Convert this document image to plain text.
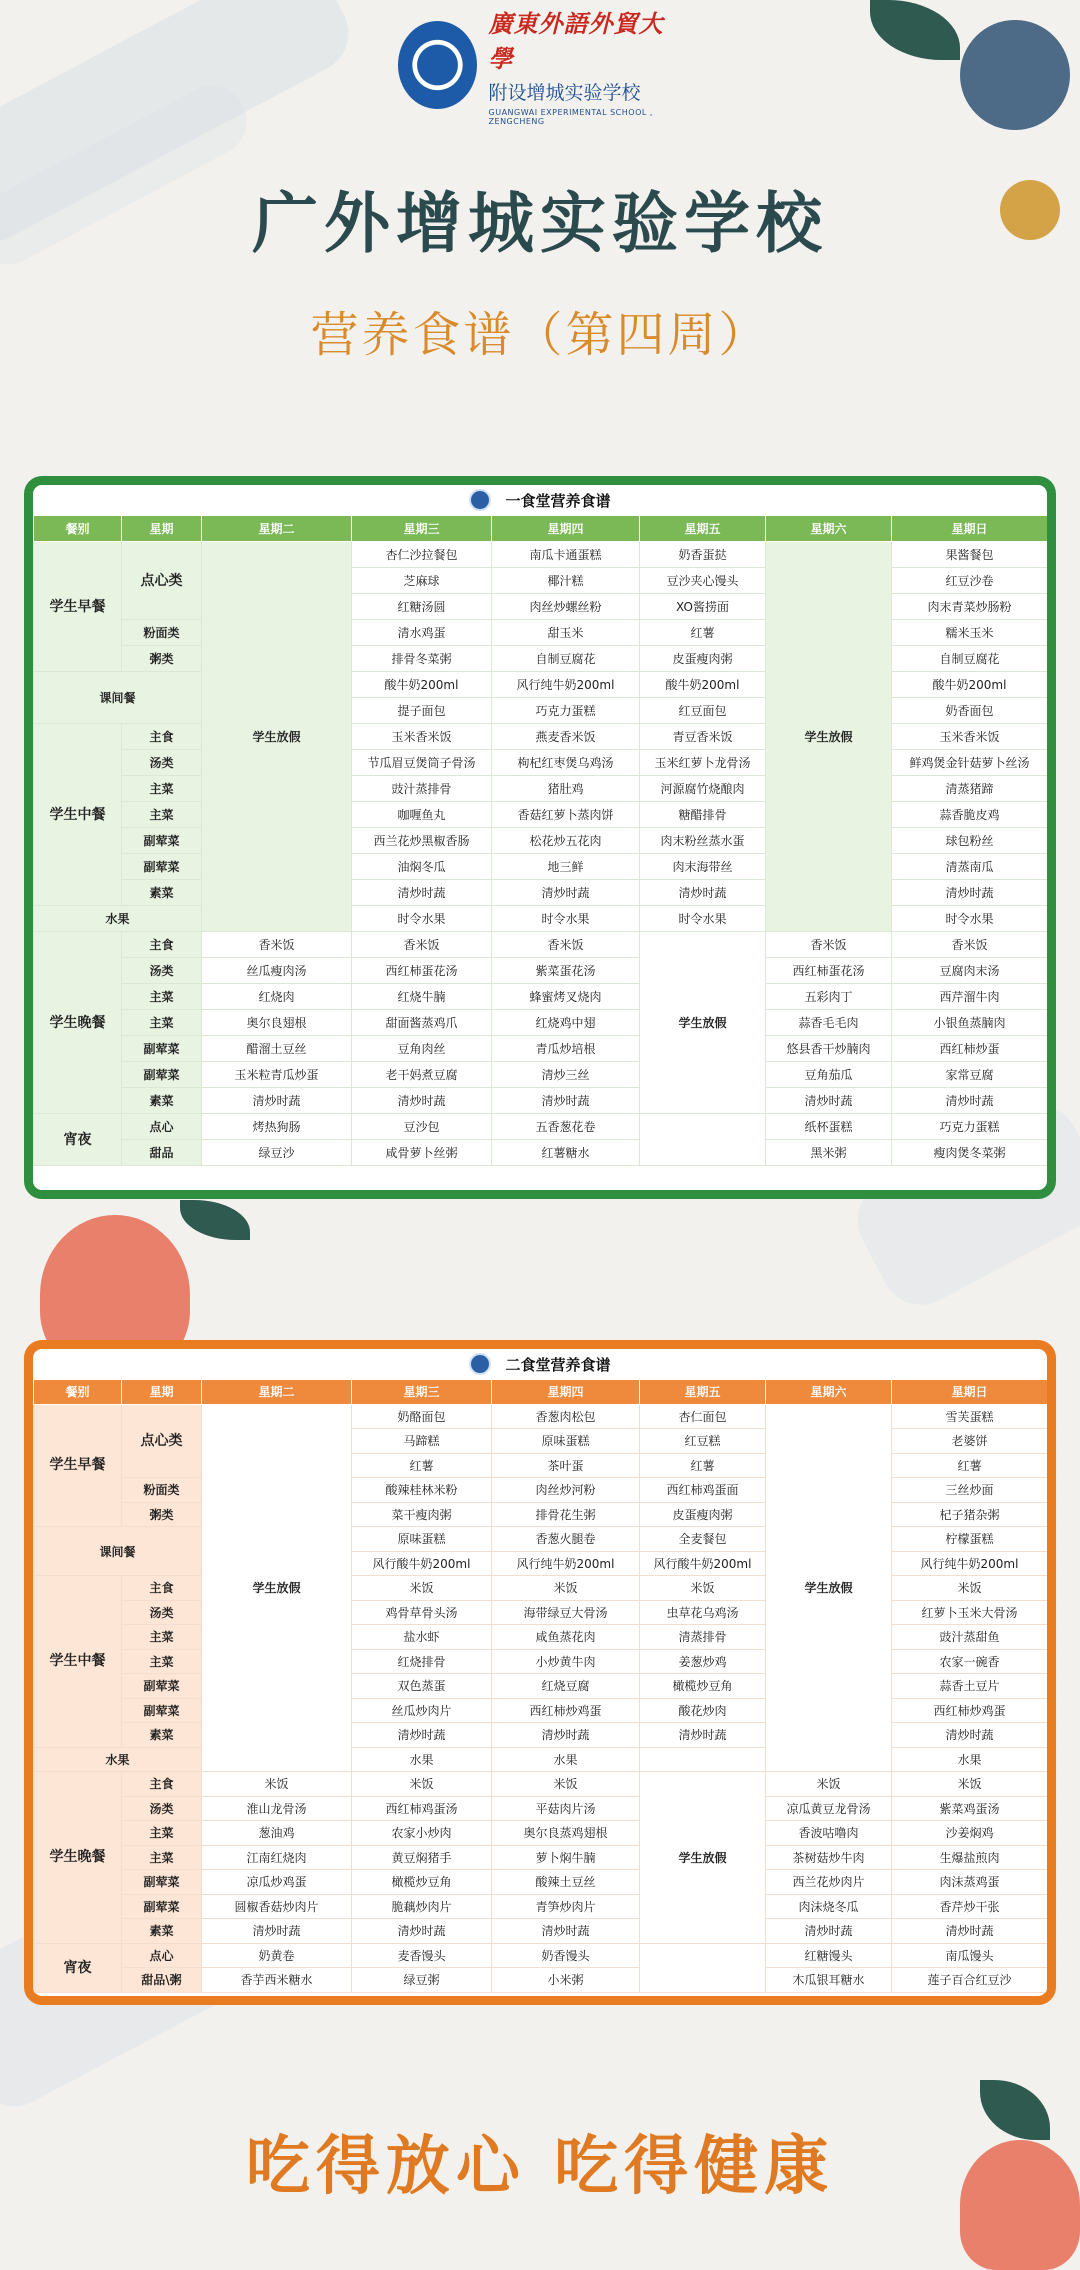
廣東外語外貿大學
附设增城实验学校
GUANGWAI EXPERIMENTAL SCHOOL , ZENGCHENG
广外增城实验学校
营养食谱（第四周）
一食堂营养食谱
餐别	星期	星期二	星期三	星期四	星期五	星期六	星期日
学生早餐	点心类	学生放假	杏仁沙拉餐包	南瓜卡通蛋糕	奶香蛋挞	学生放假	果酱餐包
			芝麻球	椰汁糕	豆沙夹心馒头		红豆沙卷
			红糖汤圆	肉丝炒螺丝粉	XO酱捞面		肉末青菜炒肠粉
	粉面类		清水鸡蛋	甜玉米	红薯		糯米玉米
	粥类		排骨冬菜粥	自制豆腐花	皮蛋瘦肉粥		自制豆腐花
课间餐			酸牛奶200ml	风行纯牛奶200ml	酸牛奶200ml		酸牛奶200ml
			提子面包	巧克力蛋糕	红豆面包		奶香面包
学生中餐	主食		玉米香米饭	燕麦香米饭	青豆香米饭		玉米香米饭
	汤类		节瓜眉豆煲筒子骨汤	枸杞红枣煲乌鸡汤	玉米红萝卜龙骨汤		鲜鸡煲金针菇萝卜丝汤
	主菜		豉汁蒸排骨	猪肚鸡	河源腐竹烧酿肉		清蒸猪蹄
	主菜		咖喱鱼丸	香菇红萝卜蒸肉饼	糖醋排骨		蒜香脆皮鸡
	副荤菜		西兰花炒黑椒香肠	松花炒五花肉	肉末粉丝蒸水蛋		球包粉丝
	副荤菜		油焖冬瓜	地三鲜	肉末海带丝		清蒸南瓜
	素菜		清炒时蔬	清炒时蔬	清炒时蔬		清炒时蔬
水果			时令水果	时令水果	时令水果		时令水果
学生晚餐	主食	香米饭	香米饭	香米饭	学生放假	香米饭	香米饭
	汤类	丝瓜瘦肉汤	西红柿蛋花汤	紫菜蛋花汤		西红柿蛋花汤	豆腐肉末汤
	主菜	红烧肉	红烧牛腩	蜂蜜烤叉烧肉		五彩肉丁	西芹溜牛肉
	主菜	奥尔良翅根	甜面酱蒸鸡爪	红烧鸡中翅		蒜香毛毛肉	小银鱼蒸腩肉
	副荤菜	醋溜土豆丝	豆角肉丝	青瓜炒培根		悠县香干炒腩肉	西红柿炒蛋
	副荤菜	玉米粒青瓜炒蛋	老干妈煮豆腐	清炒三丝		豆角茄瓜	家常豆腐
	素菜	清炒时蔬	清炒时蔬	清炒时蔬		清炒时蔬	清炒时蔬
宵夜	点心	烤热狗肠	豆沙包	五香葱花卷		纸杯蛋糕	巧克力蛋糕
	甜品	绿豆沙	咸骨萝卜丝粥	红薯糖水		黑米粥	瘦肉煲冬菜粥
二食堂营养食谱
餐别	星期	星期二	星期三	星期四	星期五	星期六	星期日
学生早餐	点心类	学生放假	奶酪面包	香葱肉松包	杏仁面包	学生放假	雪芙蛋糕
			马蹄糕	原味蛋糕	红豆糕		老婆饼
			红薯	茶叶蛋	红薯		红薯
	粉面类		酸辣桂林米粉	肉丝炒河粉	西红柿鸡蛋面		三丝炒面
	粥类		菜干瘦肉粥	排骨花生粥	皮蛋瘦肉粥		杞子猪杂粥
课间餐			原味蛋糕	香葱火腿卷	全麦餐包		柠檬蛋糕
			风行酸牛奶200ml	风行纯牛奶200ml	风行酸牛奶200ml		风行纯牛奶200ml
学生中餐	主食		米饭	米饭	米饭		米饭
	汤类		鸡骨草骨头汤	海带绿豆大骨汤	虫草花乌鸡汤		红萝卜玉米大骨汤
	主菜		盐水虾	咸鱼蒸花肉	清蒸排骨		豉汁蒸甜鱼
	主菜		红烧排骨	小炒黄牛肉	姜葱炒鸡		农家一碗香
	副荤菜		双色蒸蛋	红烧豆腐	橄榄炒豆角		蒜香土豆片
	副荤菜		丝瓜炒肉片	西红柿炒鸡蛋	酸花炒肉		西红柿炒鸡蛋
	素菜		清炒时蔬	清炒时蔬	清炒时蔬		清炒时蔬
水果			水果	水果			水果
学生晚餐	主食	米饭	米饭	米饭	学生放假	米饭	米饭
	汤类	淮山龙骨汤	西红柿鸡蛋汤	平菇肉片汤		凉瓜黄豆龙骨汤	紫菜鸡蛋汤
	主菜	葱油鸡	农家小炒肉	奥尔良蒸鸡翅根		香波咕噜肉	沙姜焖鸡
	主菜	江南红烧肉	黄豆焖猪手	萝卜焖牛腩		茶树菇炒牛肉	生爆盐煎肉
	副荤菜	凉瓜炒鸡蛋	橄榄炒豆角	酸辣土豆丝		西兰花炒肉片	肉沫蒸鸡蛋
	副荤菜	圆椒香菇炒肉片	脆藕炒肉片	青笋炒肉片		肉沫烧冬瓜	香芹炒干张
	素菜	清炒时蔬	清炒时蔬	清炒时蔬		清炒时蔬	清炒时蔬
宵夜	点心	奶黄卷	麦香馒头	奶香馒头		红糖馒头	南瓜馒头
	甜品\粥	香芋西米糖水	绿豆粥	小米粥		木瓜银耳糖水	莲子百合红豆沙
吃得放心 吃得健康
